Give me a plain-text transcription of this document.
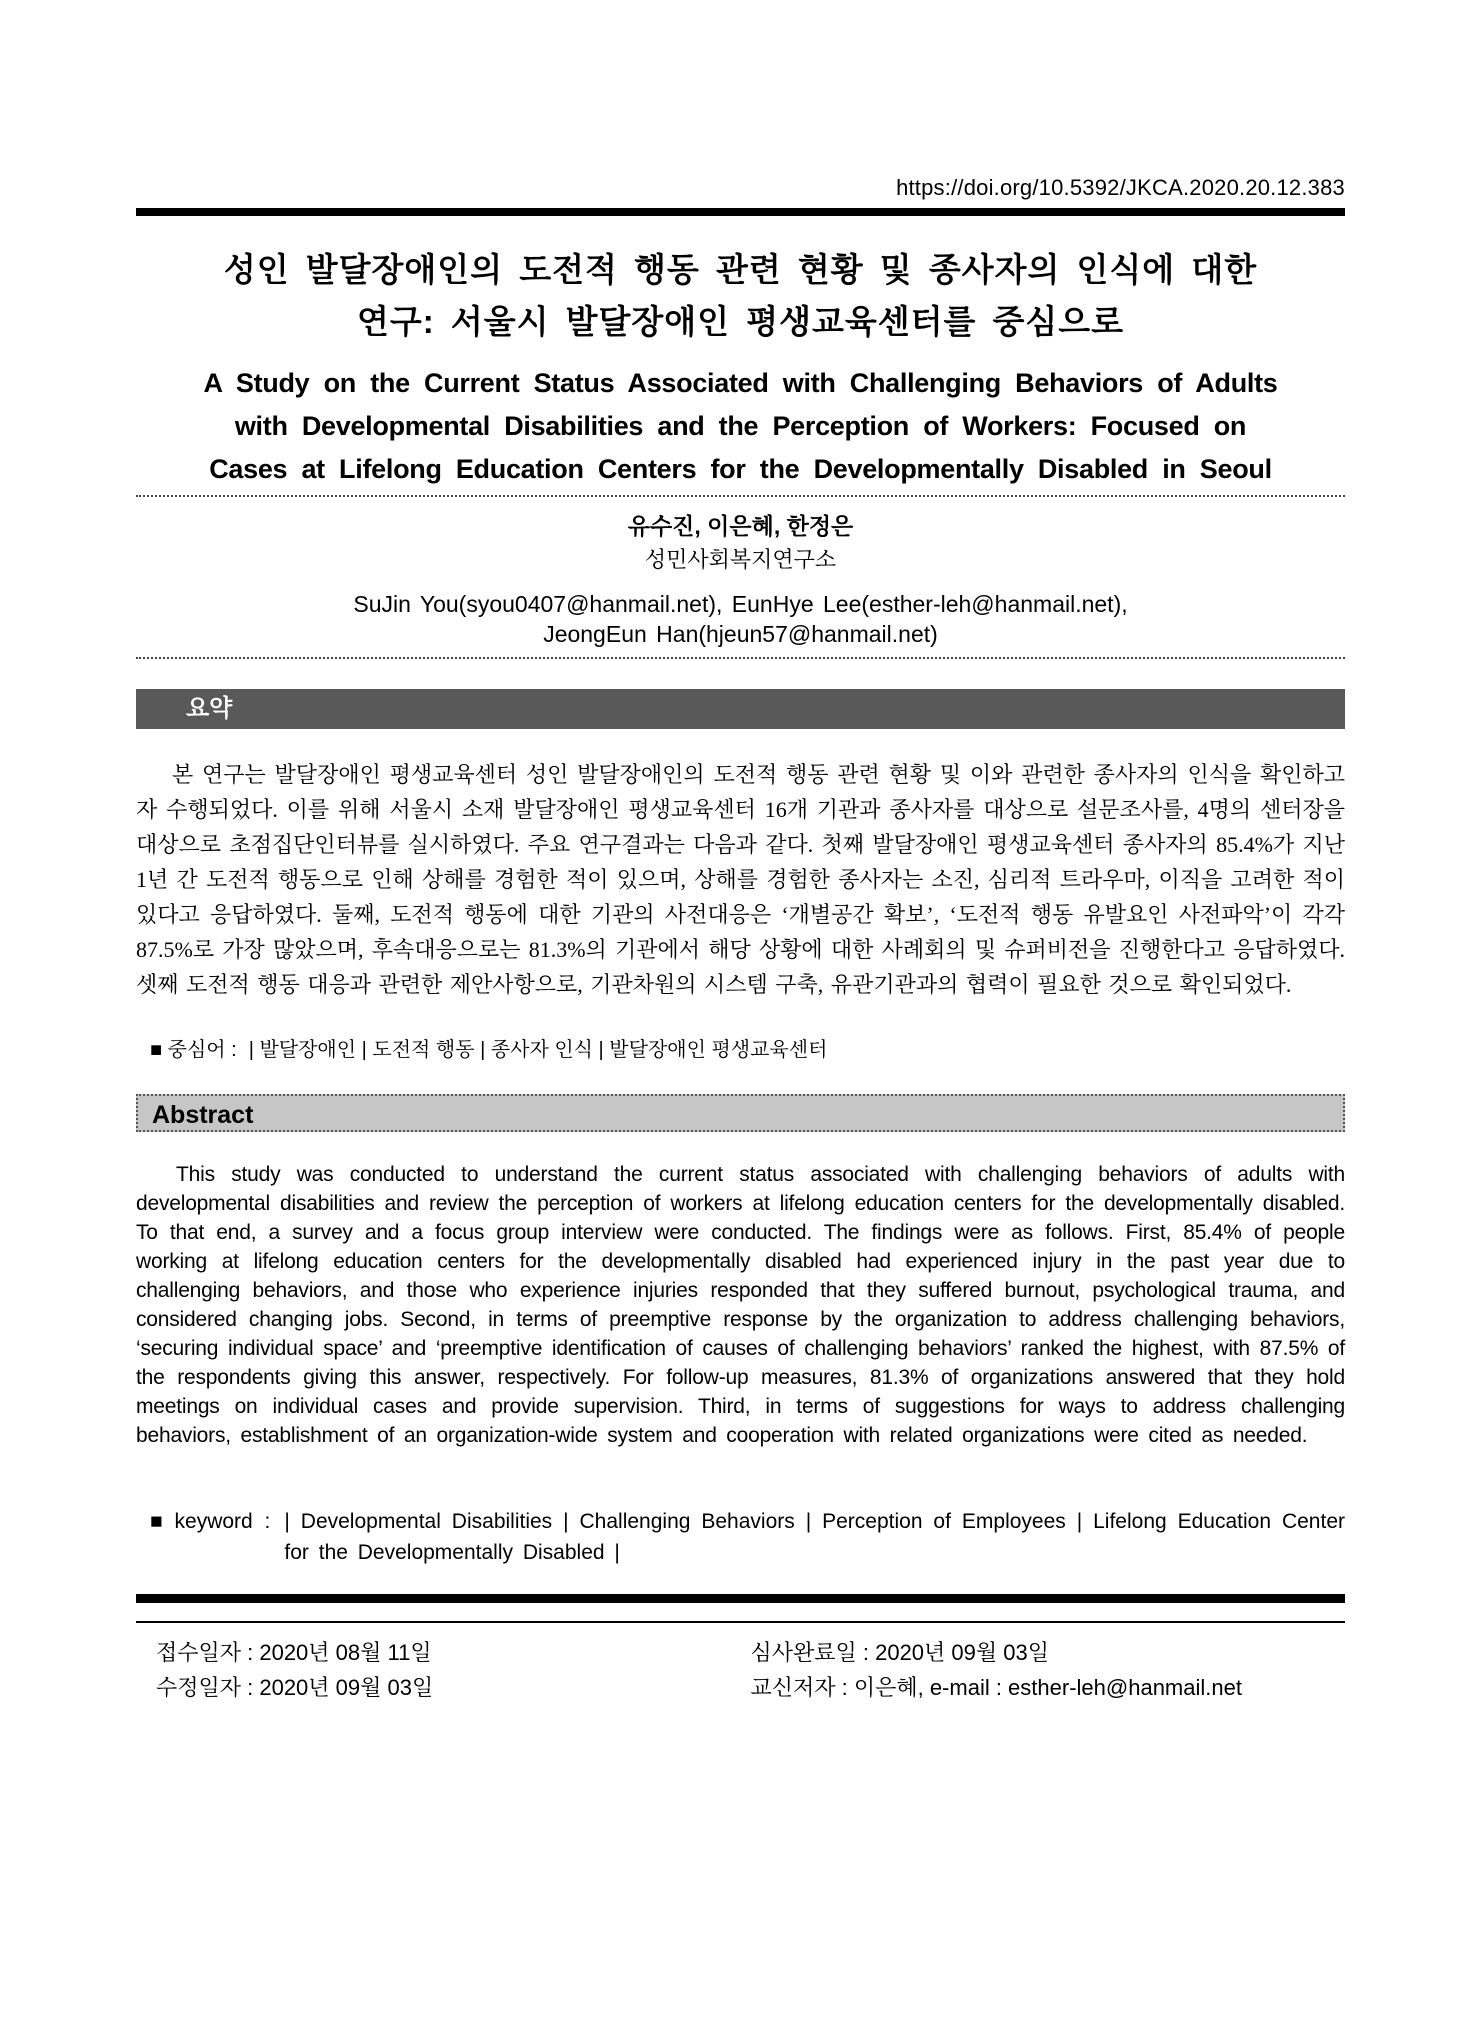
https://doi.org/10.5392/JKCA.2020.20.12.383
성인 발달장애인의 도전적 행동 관련 현황 및 종사자의 인식에 대한
연구: 서울시 발달장애인 평생교육센터를 중심으로
A Study on the Current Status Associated with Challenging Behaviors of Adults
with Developmental Disabilities and the Perception of Workers: Focused on
Cases at Lifelong Education Centers for the Developmentally Disabled in Seoul
유수진, 이은혜, 한정은
성민사회복지연구소
SuJin You(syou0407@hanmail.net), EunHye Lee(esther-leh@hanmail.net),
JeongEun Han(hjeun57@hanmail.net)
요약

본 연구는 발달장애인 평생교육센터 성인 발달장애인의 도전적 행동 관련 현황 및 이와 관련한 종사자의 인식을 확인하고자 수행되었다. 이를 위해 서울시 소재 발달장애인 평생교육센터 16개 기관과 종사자를 대상으로 설문조사를, 4명의 센터장을 대상으로 초점집단인터뷰를 실시하였다. 주요 연구결과는 다음과 같다. 첫째 발달장애인 평생교육센터 종사자의 85.4%가 지난 1년 간 도전적 행동으로 인해 상해를 경험한 적이 있으며, 상해를 경험한 종사자는 소진, 심리적 트라우마, 이직을 고려한 적이 있다고 응답하였다. 둘째, 도전적 행동에 대한 기관의 사전대응은 ‘개별공간 확보’, ‘도전적 행동 유발요인 사전파악’이 각각 87.5%로 가장 많았으며, 후속대응으로는 81.3%의 기관에서 해당 상황에 대한 사례회의 및 슈퍼비전을 진행한다고 응답하였다. 셋째 도전적 행동 대응과 관련한 제안사항으로, 기관차원의 시스템 구축, 유관기관과의 협력이 필요한 것으로 확인되었다.

■ 중심어 : | 발달장애인 | 도전적 행동 | 종사자 인식 | 발달장애인 평생교육센터
Abstract

This study was conducted to understand the current status associated with challenging behaviors of adults with developmental disabilities and review the perception of workers at lifelong education centers for the developmentally disabled. To that end, a survey and a focus group interview were conducted. The findings were as follows. First, 85.4% of people working at lifelong education centers for the developmentally disabled had experienced injury in the past year due to challenging behaviors, and those who experience injuries responded that they suffered burnout, psychological trauma, and considered changing jobs. Second, in terms of preemptive response by the organization to address challenging behaviors, ‘securing individual space’ and ‘preemptive identification of causes of challenging behaviors’ ranked the highest, with 87.5% of the respondents giving this answer, respectively. For follow-up measures, 81.3% of organizations answered that they hold meetings on individual cases and provide supervision. Third, in terms of suggestions for ways to address challenging behaviors, establishment of an organization-wide system and cooperation with related organizations were cited as needed.

■ keyword : | Developmental Disabilities | Challenging Behaviors | Perception of Employees | Lifelong Education Center for the Developmentally Disabled |
접수일자 : 2020년 08월 11일	심사완료일 : 2020년 09월 03일
수정일자 : 2020년 09월 03일	교신저자 : 이은혜, e-mail : esther-leh@hanmail.net
